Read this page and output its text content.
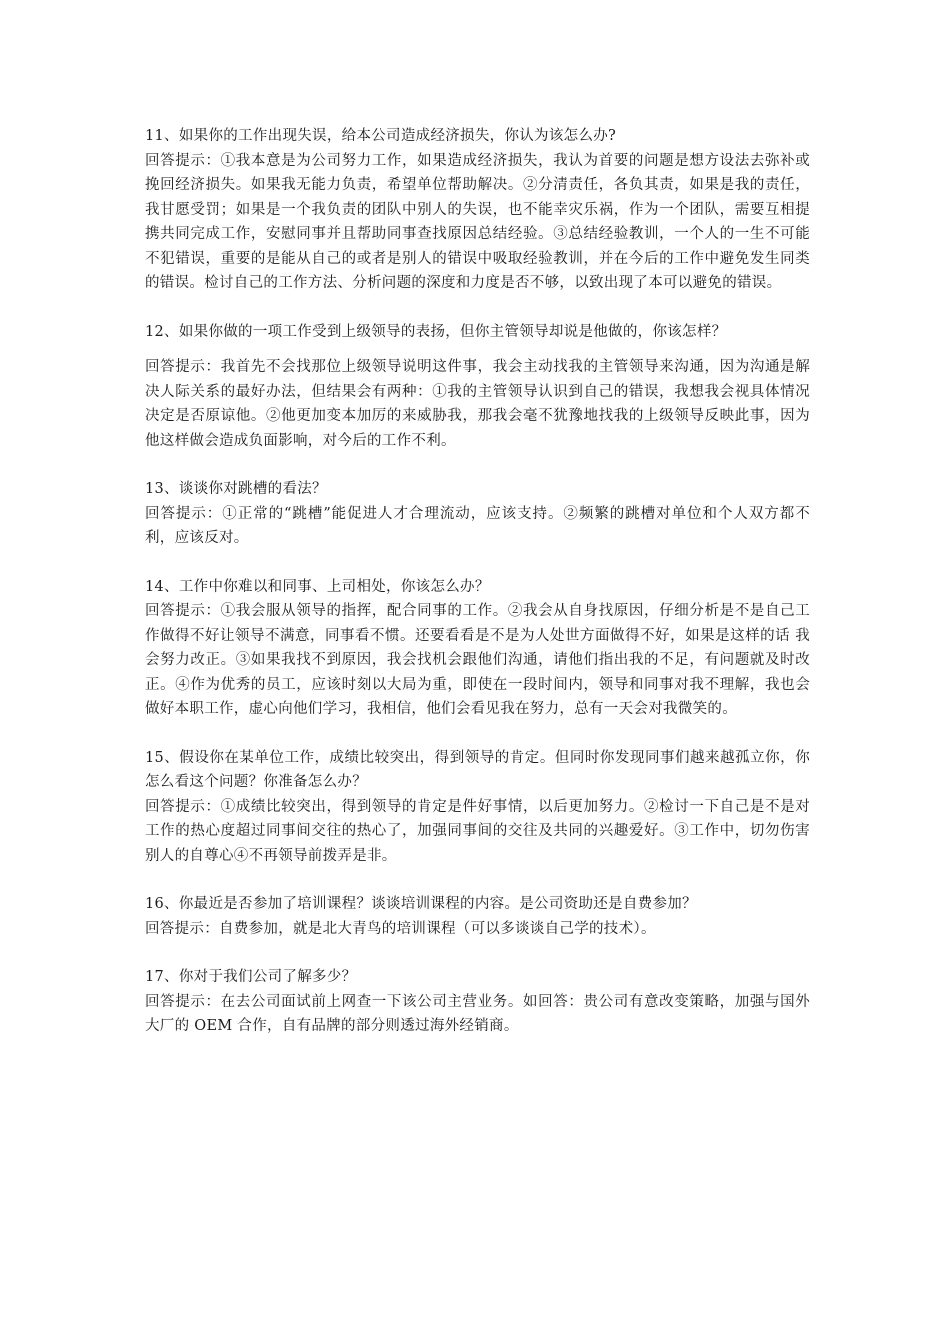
11、如果你的工作出现失误，给本公司造成经济损失，你认为该怎么办?

回答提示：①我本意是为公司努力工作，如果造成经济损失，我认为首要的问题是想方设法去弥补或挽回经济损失。如果我无能力负责，希望单位帮助解决。②分清责任，各负其责，如果是我的责任，我甘愿受罚；如果是一个我负责的团队中别人的失误，也不能幸灾乐祸，作为一个团队，需要互相提携共同完成工作，安慰同事并且帮助同事查找原因总结经验。③总结经验教训，一个人的一生不可能不犯错误，重要的是能从自己的或者是别人的错误中吸取经验教训，并在今后的工作中避免发生同类的错误。检讨自己的工作方法、分析问题的深度和力度是否不够，以致出现了本可以避免的错误。

12、如果你做的一项工作受到上级领导的表扬，但你主管领导却说是他做的，你该怎样？

回答提示：我首先不会找那位上级领导说明这件事，我会主动找我的主管领导来沟通，因为沟通是解决人际关系的最好办法，但结果会有两种：①我的主管领导认识到自己的错误，我想我会视具体情况决定是否原谅他。②他更加变本加厉的来威胁我，那我会毫不犹豫地找我的上级领导反映此事，因为他这样做会造成负面影响，对今后的工作不利。

13、谈谈你对跳槽的看法？

回答提示：①正常的“跳槽”能促进人才合理流动，应该支持。②频繁的跳槽对单位和个人双方都不利，应该反对。

14、工作中你难以和同事、上司相处，你该怎么办？

回答提示：①我会服从领导的指挥，配合同事的工作。②我会从自身找原因，仔细分析是不是自己工作做得不好让领导不满意，同事看不惯。还要看看是不是为人处世方面做得不好，如果是这样的话 我会努力改正。③如果我找不到原因，我会找机会跟他们沟通，请他们指出我的不足，有问题就及时改正。④作为优秀的员工，应该时刻以大局为重，即使在一段时间内，领导和同事对我不理解，我也会做好本职工作，虚心向他们学习，我相信，他们会看见我在努力，总有一天会对我微笑的。

15、假设你在某单位工作，成绩比较突出，得到领导的肯定。但同时你发现同事们越来越孤立你，你怎么看这个问题？你准备怎么办？

回答提示：①成绩比较突出，得到领导的肯定是件好事情，以后更加努力。②检讨一下自己是不是对工作的热心度超过同事间交往的热心了，加强同事间的交往及共同的兴趣爱好。③工作中，切勿伤害别人的自尊心④不再领导前拨弄是非。

16、你最近是否参加了培训课程？谈谈培训课程的内容。是公司资助还是自费参加？

回答提示：自费参加，就是北大青鸟的培训课程（可以多谈谈自己学的技术）。

17、你对于我们公司了解多少？

回答提示：在去公司面试前上网查一下该公司主营业务。如回答：贵公司有意改变策略，加强与国外大厂的 OEM 合作，自有品牌的部分则透过海外经销商。
